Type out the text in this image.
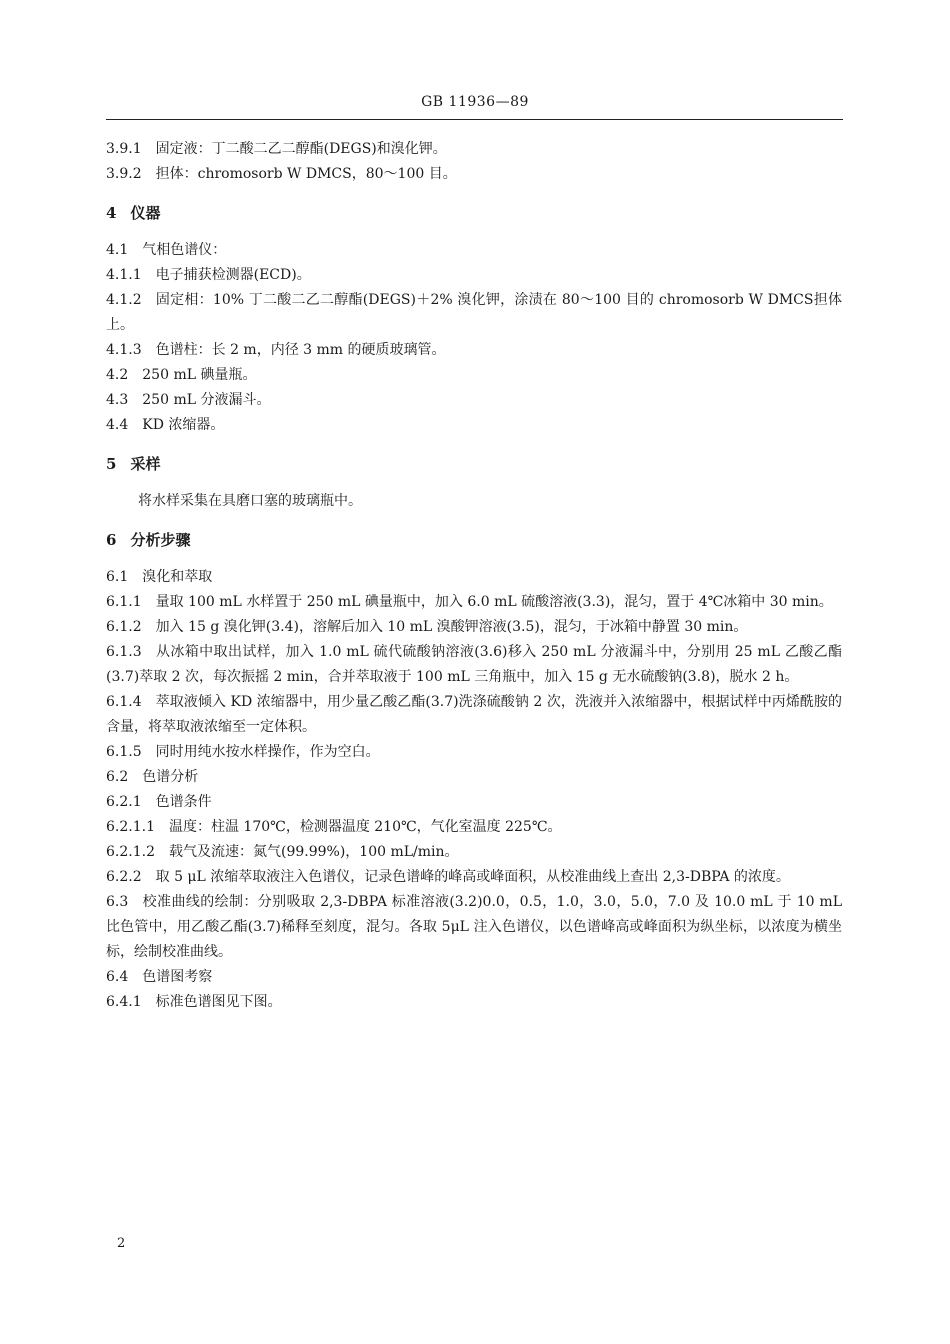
GB 11936—89

3.9.1 固定液：丁二酸二乙二醇酯(DEGS)和溴化钾。

3.9.2 担体：chromosorb W DMCS，80～100 目。

4 仪器

4.1 气相色谱仪：

4.1.1 电子捕获检测器(ECD)。

4.1.2 固定相：10% 丁二酸二乙二醇酯(DEGS)＋2% 溴化钾，涂渍在 80～100 目的 chromosorb W DMCS担体上。

4.1.3 色谱柱：长 2 m，内径 3 mm 的硬质玻璃管。

4.2 250 mL 碘量瓶。

4.3 250 mL 分液漏斗。

4.4 KD 浓缩器。

5 采样

将水样采集在具磨口塞的玻璃瓶中。

6 分析步骤

6.1 溴化和萃取

6.1.1 量取 100 mL 水样置于 250 mL 碘量瓶中，加入 6.0 mL 硫酸溶液(3.3)，混匀，置于 4℃冰箱中 30 min。

6.1.2 加入 15 g 溴化钾(3.4)，溶解后加入 10 mL 溴酸钾溶液(3.5)，混匀，于冰箱中静置 30 min。

6.1.3 从冰箱中取出试样，加入 1.0 mL 硫代硫酸钠溶液(3.6)移入 250 mL 分液漏斗中，分别用 25 mL 乙酸乙酯(3.7)萃取 2 次，每次振摇 2 min，合并萃取液于 100 mL 三角瓶中，加入 15 g 无水硫酸钠(3.8)，脱水 2 h。

6.1.4 萃取液倾入 KD 浓缩器中，用少量乙酸乙酯(3.7)洗涤硫酸钠 2 次，洗液并入浓缩器中，根据试样中丙烯酰胺的含量，将萃取液浓缩至一定体积。

6.1.5 同时用纯水按水样操作，作为空白。

6.2 色谱分析

6.2.1 色谱条件

6.2.1.1 温度：柱温 170℃，检测器温度 210℃，气化室温度 225℃。

6.2.1.2 载气及流速：氮气(99.99%)，100 mL/min。

6.2.2 取 5 μL 浓缩萃取液注入色谱仪，记录色谱峰的峰高或峰面积，从校准曲线上查出 2,3-DBPA 的浓度。

6.3 校准曲线的绘制：分别吸取 2,3-DBPA 标准溶液(3.2)0.0，0.5，1.0，3.0，5.0，7.0 及 10.0 mL 于 10 mL 比色管中，用乙酸乙酯(3.7)稀释至刻度，混匀。各取 5μL 注入色谱仪，以色谱峰高或峰面积为纵坐标，以浓度为横坐标，绘制校准曲线。

6.4 色谱图考察

6.4.1 标准色谱图见下图。

2
